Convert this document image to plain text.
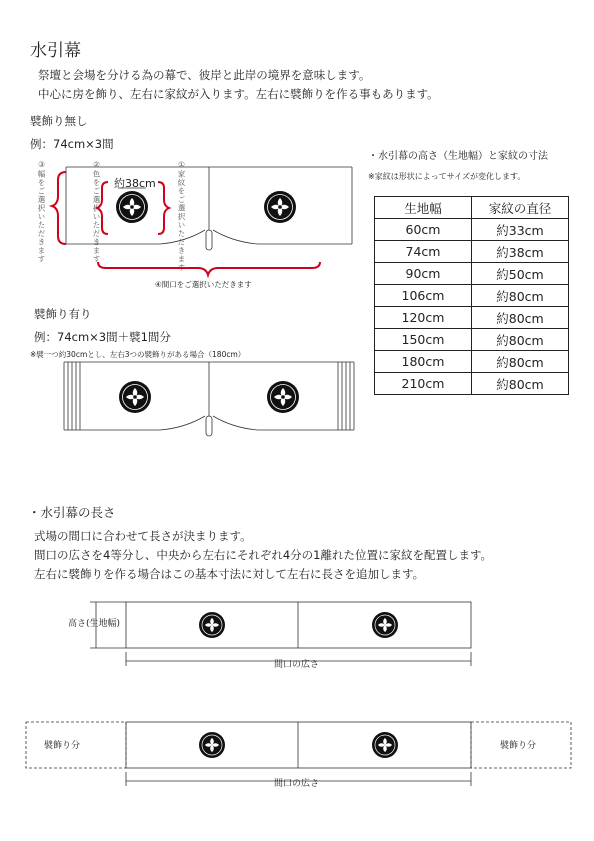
水引幕
祭壇と会場を分ける為の幕で、彼岸と此岸の境界を意味します。
中心に房を飾り、左右に家紋が入ります。左右に襞飾りを作る事もあります。
襞飾り無し
例：74cm×3間
③幅をご選択いただきます	②色をご選択いただきます	①家紋をご選択いただきます
約38cm
④間口をご選択いただきます
襞飾り有り
例：74cm×3間＋襞1間分
※襞一つ約30cmとし、左右3つの襞飾りがある場合（180cm）
・水引幕の高さ（生地幅）と家紋の寸法
※家紋は形状によってサイズが変化します。
生地幅	家紋の直径
60cm	約33cm
74cm	約38cm
90cm	約50cm
106cm	約80cm
120cm	約80cm
150cm	約80cm
180cm	約80cm
210cm	約80cm
・水引幕の長さ
式場の間口に合わせて長さが決まります。
間口の広さを4等分し、中央から左右にそれぞれ4分の1離れた位置に家紋を配置します。
左右に襞飾りを作る場合はこの基本寸法に対して左右に長さを追加します。
高さ(生地幅)
間口の広さ
襞飾り分	襞飾り分
間口の広さ
